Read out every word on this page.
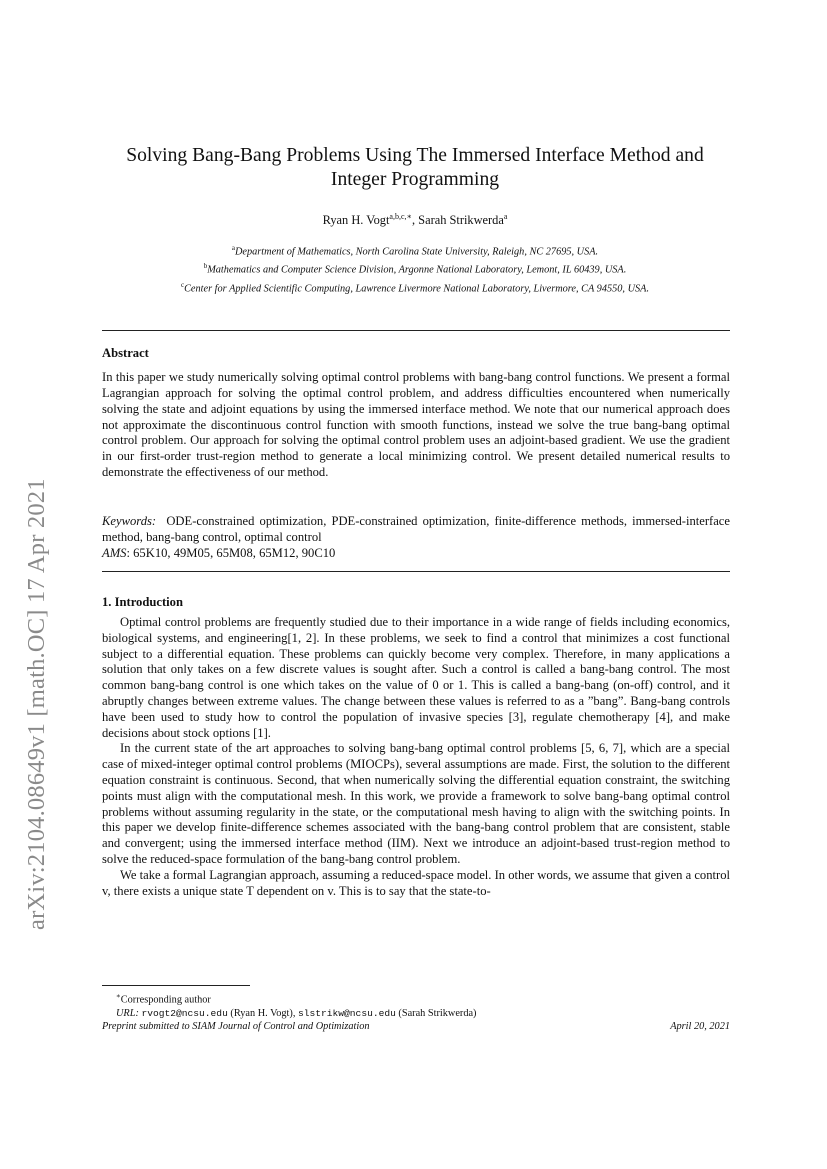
arXiv:2104.08649v1 [math.OC] 17 Apr 2021
Solving Bang-Bang Problems Using The Immersed Interface Method and
Integer Programming
Ryan H. Vogt$^{a,b,c,∗}$, Sarah Strikwerda$^a$
$^a$Department of Mathematics, North Carolina State University, Raleigh, NC 27695, USA.
$^b$Mathematics and Computer Science Division, Argonne National Laboratory, Lemont, IL 60439, USA.
$^c$Center for Applied Scientific Computing, Lawrence Livermore National Laboratory, Livermore, CA 94550, USA.
Abstract

In this paper we study numerically solving optimal control problems with bang-bang control functions. We present a formal Lagrangian approach for solving the optimal control problem, and address difficulties encountered when numerically solving the state and adjoint equations by using the immersed interface method. We note that our numerical approach does not approximate the discontinuous control function with smooth functions, instead we solve the true bang-bang optimal control problem. Our approach for solving the optimal control problem uses an adjoint-based gradient. We use the gradient in our first-order trust-region method to generate a local minimizing control. We present detailed numerical results to demonstrate the effectiveness of our method.

Keywords: ODE-constrained optimization, PDE-constrained optimization, finite-difference methods, immersed-interface method, bang-bang control, optimal control

AMS: 65K10, 49M05, 65M08, 65M12, 90C10
1. Introduction

Optimal control problems are frequently studied due to their importance in a wide range of fields including economics, biological systems, and engineering[1, 2]. In these problems, we seek to find a control that minimizes a cost functional subject to a differential equation. These problems can quickly become very complex. Therefore, in many applications a solution that only takes on a few discrete values is sought after. Such a control is called a bang-bang control. The most common bang-bang control is one which takes on the value of 0 or 1. This is called a bang-bang (on-off) control, and it abruptly changes between extreme values. The change between these values is referred to as a ”bang”. Bang-bang controls have been used to study how to control the population of invasive species [3], regulate chemotherapy [4], and make decisions about stock options [1].

In the current state of the art approaches to solving bang-bang optimal control problems [5, 6, 7], which are a special case of mixed-integer optimal control problems (MIOCPs), several assumptions are made. First, the solution to the different equation constraint is continuous. Second, that when numerically solving the differential equation constraint, the switching points must align with the computational mesh. In this work, we provide a framework to solve bang-bang optimal control problems without assuming regularity in the state, or the computational mesh having to align with the switching points. In this paper we develop finite-difference schemes associated with the bang-bang control problem that are consistent, stable and convergent; using the immersed interface method (IIM). Next we introduce an adjoint-based trust-region method to solve the reduced-space formulation of the bang-bang control problem.

We take a formal Lagrangian approach, assuming a reduced-space model. In other words, we assume that given a control v, there exists a unique state T dependent on v. This is to say that the state-to-

∗Corresponding author
URL: rvogt2@ncsu.edu (Ryan H. Vogt), slstrikw@ncsu.edu (Sarah Strikwerda)
Preprint submitted to SIAM Journal of Control and Optimization	April 20, 2021
